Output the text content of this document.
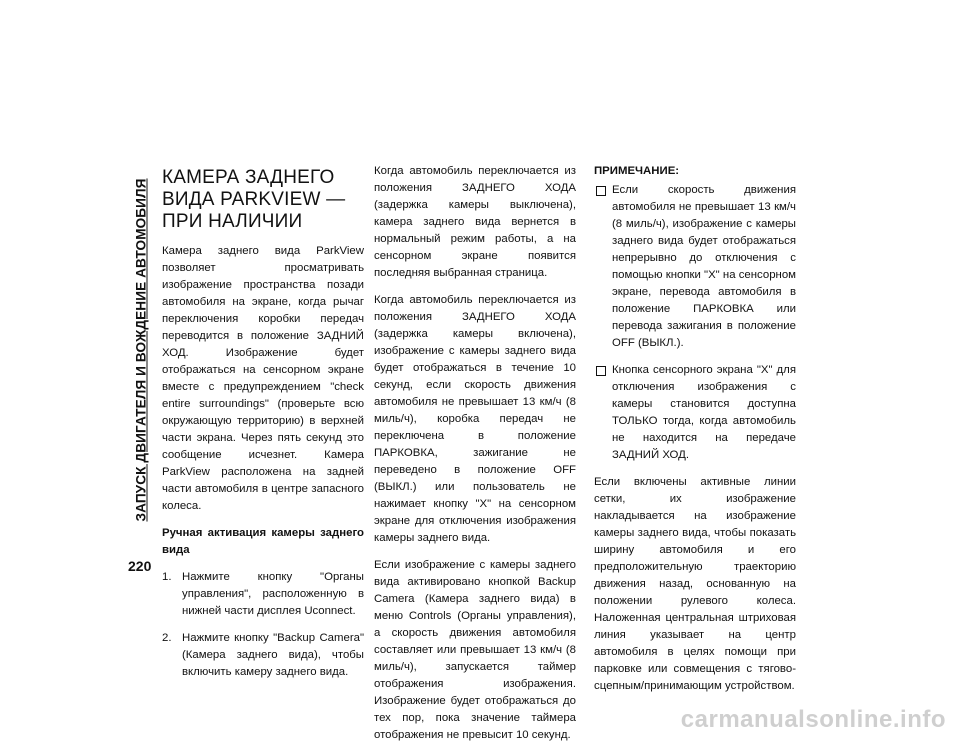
ЗАПУСК ДВИГАТЕЛЯ И ВОЖДЕНИЕ АВТОМОБИЛЯ
220
КАМЕРА ЗАДНЕГО ВИДА PARKVIEW — ПРИ НАЛИЧИИ

Камера заднего вида ParkView позволяет просматривать изображение пространства позади автомобиля на экране, когда рычаг переключения коробки передач переводится в положение ЗАДНИЙ ХОД. Изображение будет отображаться на сенсорном экране вместе с предупреждением "check entire surroundings" (проверьте всю окружающую территорию) в верхней части экрана. Через пять секунд это сообщение исчезнет. Камера ParkView расположена на задней части автомобиля в центре запасного колеса.

Ручная активация камеры заднего вида
1. Нажмите кнопку "Органы управления", расположенную в нижней части дисплея Uconnect.
2. Нажмите кнопку "Backup Camera" (Камера заднего вида), чтобы включить камеру заднего вида.

Когда автомобиль переключается из положения ЗАДНЕГО ХОДА (задержка камеры выключена), камера заднего вида вернется в нормальный режим работы, а на сенсорном экране появится последняя выбранная страница.

Когда автомобиль переключается из положения ЗАДНЕГО ХОДА (задержка камеры включена), изображение с камеры заднего вида будет отображаться в течение 10 секунд, если скорость движения автомобиля не превышает 13 км/ч (8 миль/ч), коробка передач не переключена в положение ПАРКОВКА, зажигание не переведено в положение OFF (ВЫКЛ.) или пользователь не нажимает кнопку "X" на сенсорном экране для отключения изображения камеры заднего вида.

Если изображение с камеры заднего вида активировано кнопкой Backup Camera (Камера заднего вида) в меню Controls (Органы управления), а скорость движения автомобиля составляет или превышает 13 км/ч (8 миль/ч), запускается таймер отображения изображения. Изображение будет отображаться до тех пор, пока значение таймера отображения не превысит 10 секунд.

ПРИМЕЧАНИЕ:
Если скорость движения автомобиля не превышает 13 км/ч (8 миль/ч), изображение с камеры заднего вида будет отображаться непрерывно до отключения с помощью кнопки "X" на сенсорном экране, перевода автомобиля в положение ПАРКОВКА или перевода зажигания в положение OFF (ВЫКЛ.).
Кнопка сенсорного экрана "X" для отключения изображения с камеры становится доступна ТОЛЬКО тогда, когда автомобиль не находится на передаче ЗАДНИЙ ХОД.

Если включены активные линии сетки, их изображение накладывается на изображение камеры заднего вида, чтобы показать ширину автомобиля и его предположительную траекторию движения назад, основанную на положении рулевого колеса. Наложенная центральная штриховая линия указывает на центр автомобиля в целях помощи при парковке или совмещения с тягово-сцепным/принимающим устройством.

carmanualsonline.info
